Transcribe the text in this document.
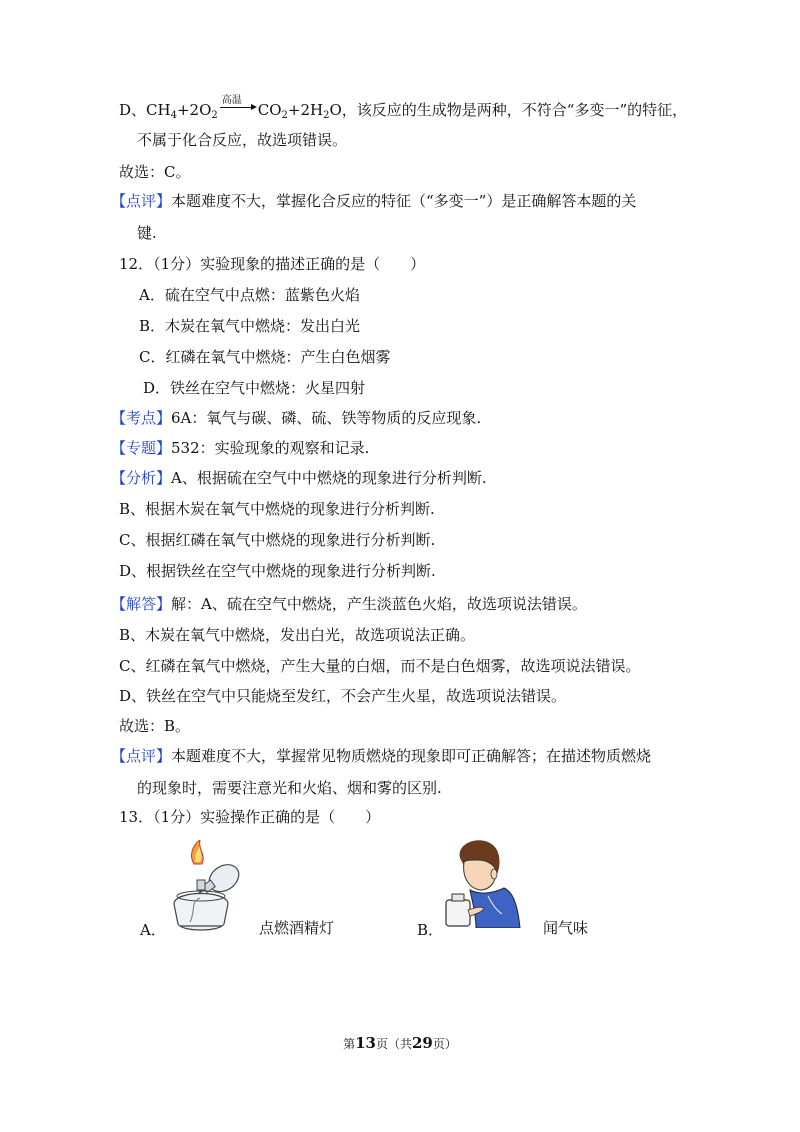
D、$CH_4+2O_2$
高温
$CO_2+2H_2O$，该反应的生成物是两种，不符合“多变一”的特征，
不属于化合反应，故选项错误。
故选：C。
【点评】本题难度不大，掌握化合反应的特征（“多变一”）是正确解答本题的关
键.
12．（1分）实验现象的描述正确的是（　　）
A．硫在空气中点燃：蓝紫色火焰
B．木炭在氧气中燃烧：发出白光
C．红磷在氧气中燃烧：产生白色烟雾
D．铁丝在空气中燃烧：火星四射
【考点】6A：氧气与碳、磷、硫、铁等物质的反应现象.
【专题】532：实验现象的观察和记录.
【分析】A、根据硫在空气中中燃烧的现象进行分析判断.
B、根据木炭在氧气中燃烧的现象进行分析判断.
C、根据红磷在氧气中燃烧的现象进行分析判断.
D、根据铁丝在空气中燃烧的现象进行分析判断.
【解答】解：A、硫在空气中燃烧，产生淡蓝色火焰，故选项说法错误。
B、木炭在氧气中燃烧，发出白光，故选项说法正确。
C、红磷在氧气中燃烧，产生大量的白烟，而不是白色烟雾，故选项说法错误。
D、铁丝在空气中只能烧至发红，不会产生火星，故选项说法错误。
故选：B。
【点评】本题难度不大，掌握常见物质燃烧的现象即可正确解答；在描述物质燃烧
的现象时，需要注意光和火焰、烟和雾的区别.
13．（1分）实验操作正确的是（　　）
A．	点燃酒精灯	B．	闻气味
第13页（共29页）
